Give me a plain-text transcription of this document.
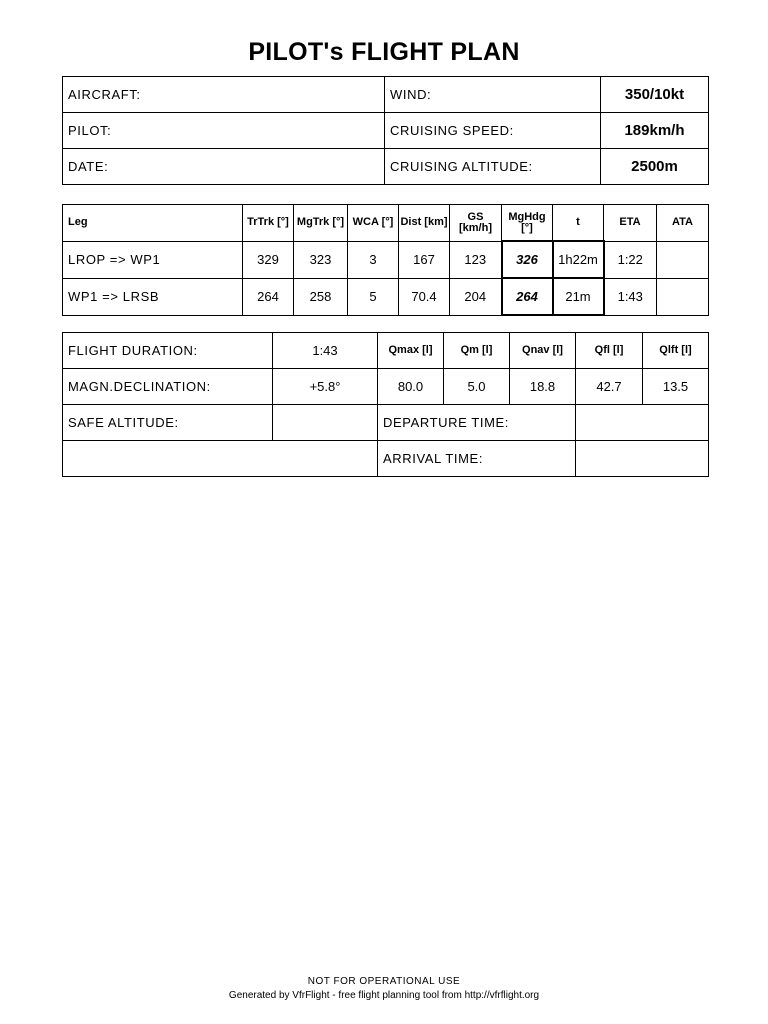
PILOT's FLIGHT PLAN
AIRCRAFT:	WIND:	350/10kt
PILOT:	CRUISING SPEED:	189km/h
DATE:	CRUISING ALTITUDE:	2500m
Leg	TrTrk [°]	MgTrk [°]	WCA [°]	Dist [km]	GS [km/h]	MgHdg [°]	t	ETA	ATA
LROP => WP1	329	323	3	167	123	326	1h22m	1:22	
WP1 => LRSB	264	258	5	70.4	204	264	21m	1:43	
FLIGHT DURATION:	1:43	Qmax [l]	Qm [l]	Qnav [l]	Qfl [l]	Qlft [l]
MAGN.DECLINATION:	+5.8°	80.0	5.0	18.8	42.7	13.5
SAFE ALTITUDE:		DEPARTURE TIME:				
		ARRIVAL TIME:				
NOT FOR OPERATIONAL USE
Generated by VfrFlight - free flight planning tool from http://vfrflight.org
